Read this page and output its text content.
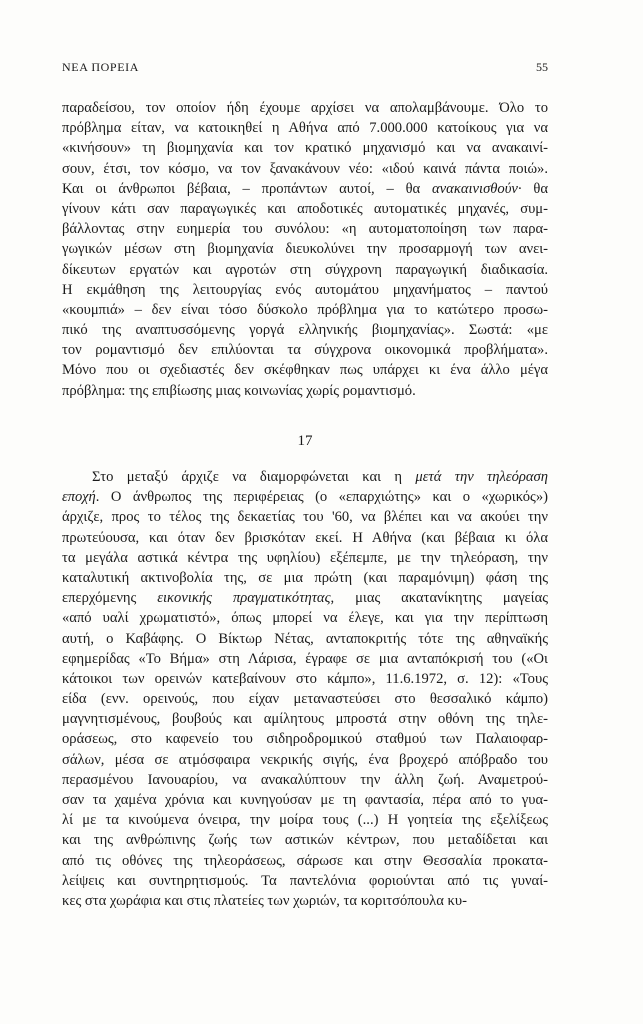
ΝΕΑ ΠΟΡΕΙΑ	55
παραδείσου, τον οποίον ήδη έχουμε αρχίσει να απολαμβάνουμε. Όλο το
πρόβλημα είταν, να κατοικηθεί η Αθήνα από 7.000.000 κατοίκους για να
«κινήσουν» τη βιομηχανία και τον κρατικό μηχανισμό και να ανακαινί-
σουν, έτσι, τον κόσμο, να τον ξανακάνουν νέο: «ιδού καινά πάντα ποιώ».
Και οι άνθρωποι βέβαια, – προπάντων αυτοί, – θα ανακαινισθούν· θα
γίνουν κάτι σαν παραγωγικές και αποδοτικές αυτοματικές μηχανές, συμ-
βάλλοντας στην ευημερία του συνόλου: «η αυτοματοποίηση των παρα-
γωγικών μέσων στη βιομηχανία διευκολύνει την προσαρμογή των ανει-
δίκευτων εργατών και αγροτών στη σύγχρονη παραγωγική διαδικασία.
Η εκμάθηση της λειτουργίας ενός αυτομάτου μηχανήματος – παντού
«κουμπιά» – δεν είναι τόσο δύσκολο πρόβλημα για το κατώτερο προσω-
πικό της αναπτυσσόμενης γοργά ελληνικής βιομηχανίας». Σωστά: «με
τον ρομαντισμό δεν επιλύονται τα σύγχρονα οικονομικά προβλήματα».
Μόνο που οι σχεδιαστές δεν σκέφθηκαν πως υπάρχει κι ένα άλλο μέγα
πρόβλημα: της επιβίωσης μιας κοινωνίας χωρίς ρομαντισμό.
17
Στο μεταξύ άρχιζε να διαμορφώνεται και η μετά την τηλεόραση
εποχή. Ο άνθρωπος της περιφέρειας (ο «επαρχιώτης» και ο «χωρικός»)
άρχιζε, προς το τέλος της δεκαετίας του '60, να βλέπει και να ακούει την
πρωτεύουσα, και όταν δεν βρισκόταν εκεί. Η Αθήνα (και βέβαια κι όλα
τα μεγάλα αστικά κέντρα της υφηλίου) εξέπεμπε, με την τηλεόραση, την
καταλυτική ακτινοβολία της, σε μια πρώτη (και παραμόνιμη) φάση της
επερχόμενης εικονικής πραγματικότητας, μιας ακατανίκητης μαγείας
«από υαλί χρωματιστό», όπως μπορεί να έλεγε, και για την περίπτωση
αυτή, ο Καβάφης. Ο Βίκτωρ Νέτας, ανταποκριτής τότε της αθηναϊκής
εφημερίδας «Το Βήμα» στη Λάρισα, έγραφε σε μια ανταπόκρισή του («Οι
κάτοικοι των ορεινών κατεβαίνουν στο κάμπο», 11.6.1972, σ. 12): «Τους
είδα (ενν. ορεινούς, που είχαν μεταναστεύσει στο θεσσαλικό κάμπο)
μαγνητισμένους, βουβούς και αμίλητους μπροστά στην οθόνη της τηλε-
οράσεως, στο καφενείο του σιδηροδρομικού σταθμού των Παλαιοφαρ-
σάλων, μέσα σε ατμόσφαιρα νεκρικής σιγής, ένα βροχερό απόβραδο του
περασμένου Ιανουαρίου, να ανακαλύπτουν την άλλη ζωή. Αναμετρού-
σαν τα χαμένα χρόνια και κυνηγούσαν με τη φαντασία, πέρα από το γυα-
λί με τα κινούμενα όνειρα, την μοίρα τους (...) Η γοητεία της εξελίξεως
και της ανθρώπινης ζωής των αστικών κέντρων, που μεταδίδεται και
από τις οθόνες της τηλεοράσεως, σάρωσε και στην Θεσσαλία προκατα-
λείψεις και συντηρητισμούς. Τα παντελόνια φοριούνται από τις γυναί-
κες στα χωράφια και στις πλατείες των χωριών, τα κοριτσόπουλα κυ-
